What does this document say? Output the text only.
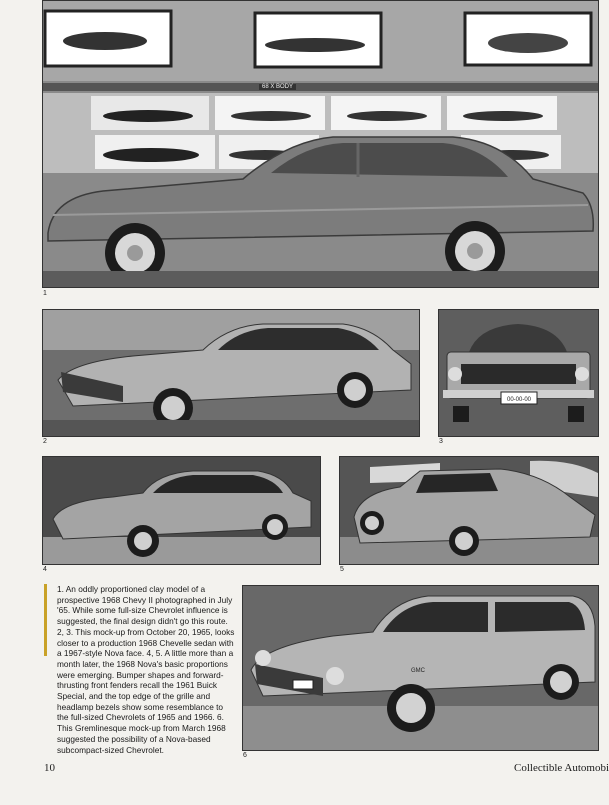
68 X BODY
1
2
00-00-00
3
4	5

1. An oddly proportioned clay model of a prospective 1968 Chevy II photographed in July '65. While some full-size Chevrolet influence is suggested, the final design didn't go this route. 2, 3. This mock-up from October 20, 1965, looks closer to a production 1968 Chevelle sedan with a 1967-style Nova face. 4, 5. A little more than a month later, the 1968 Nova's basic proportions were emerging. Bumper shapes and forward-thrusting front fenders recall the 1961 Buick Special, and the top edge of the grille and headlamp bezels show some resemblance to the full-sized Chevrolets of 1965 and 1966. 6. This Gremlinesque mock-up from March 1968 suggested the possibility of a Nova-based subcompact-sized Chevrolet.

GMC
6
10	Collectible Automobi
